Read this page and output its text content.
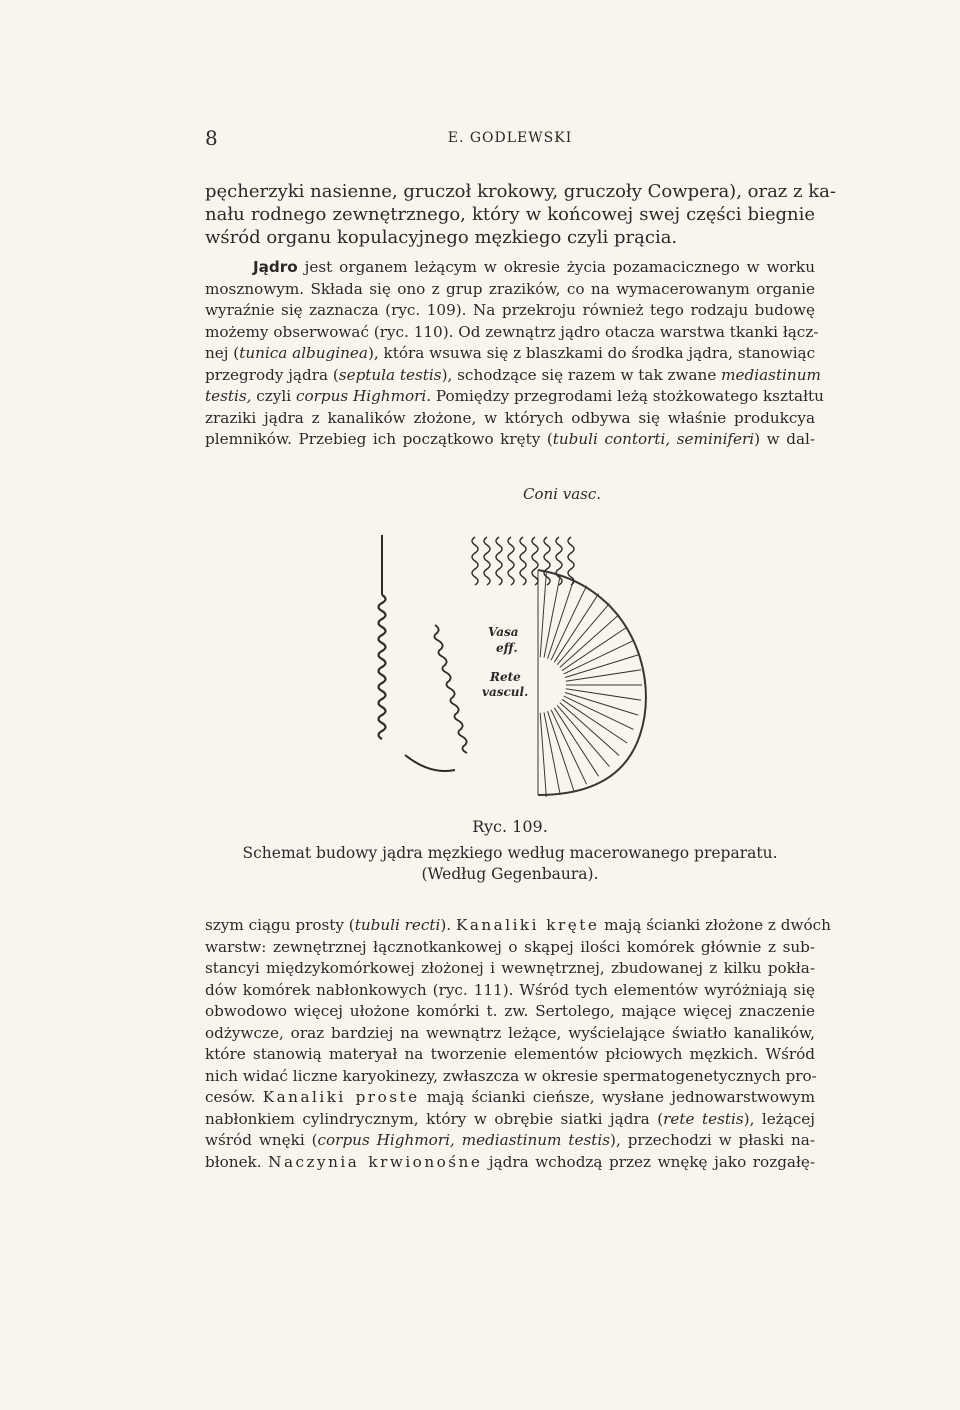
8	E. GODLEWSKI
pęcherzyki nasienne, gruczoł krokowy, gruczoły Cowpera), oraz z ka-
nału rodnego zewnętrznego, który w końcowej swej części biegnie
wśród organu kopulacyjnego męzkiego czyli prącia.

Jądro jest organem leżącym w okresie życia pozamacicznego w worku
mosznowym. Składa się ono z grup zrazików, co na wymacerowanym organie
wyraźnie się zaznacza (ryc. 109). Na przekroju również tego rodzaju budowę
możemy obserwować (ryc. 110). Od zewnątrz jądro otacza warstwa tkanki łącz-
nej (tunica albuginea), która wsuwa się z blaszkami do środka jądra, stanowiąc
przegrody jądra (septula testis), schodzące się razem w tak zwane mediastinum
testis, czyli corpus Highmori. Pomiędzy przegrodami leżą stożkowatego kształtu
zraziki jądra z kanalików złożone, w których odbywa się właśnie produkcya
plemników. Przebieg ich początkowo kręty (tubuli contorti, seminiferi) w dal-

Coni vasc.
Vasa
eff.
Rete
vascul.
Ryc. 109.
Schemat budowy jądra męzkiego według macerowanego preparatu.
(Według Gegenbaura).

szym ciągu prosty (tubuli recti). Kanaliki kręte mają ścianki złożone z dwóch
warstw: zewnętrznej łącznotkankowej o skąpej ilości komórek głównie z sub-
stancyi międzykomórkowej złożonej i wewnętrznej, zbudowanej z kilku pokła-
dów komórek nabłonkowych (ryc. 111). Wśród tych elementów wyróżniają się
obwodowo więcej ułożone komórki t. zw. Sertolego, mające więcej znaczenie
odżywcze, oraz bardziej na wewnątrz leżące, wyścielające światło kanalików,
które stanowią materyał na tworzenie elementów płciowych męzkich. Wśród
nich widać liczne karyokinezy, zwłaszcza w okresie spermatogenetycznych pro-
cesów. Kanaliki proste mają ścianki cieńsze, wysłane jednowarstwowym
nabłonkiem cylindrycznym, który w obrębie siatki jądra (rete testis), leżącej
wśród wnęki (corpus Highmori, mediastinum testis), przechodzi w płaski na-
błonek. Naczynia krwionośne jądra wchodzą przez wnękę jako rozgałę-
